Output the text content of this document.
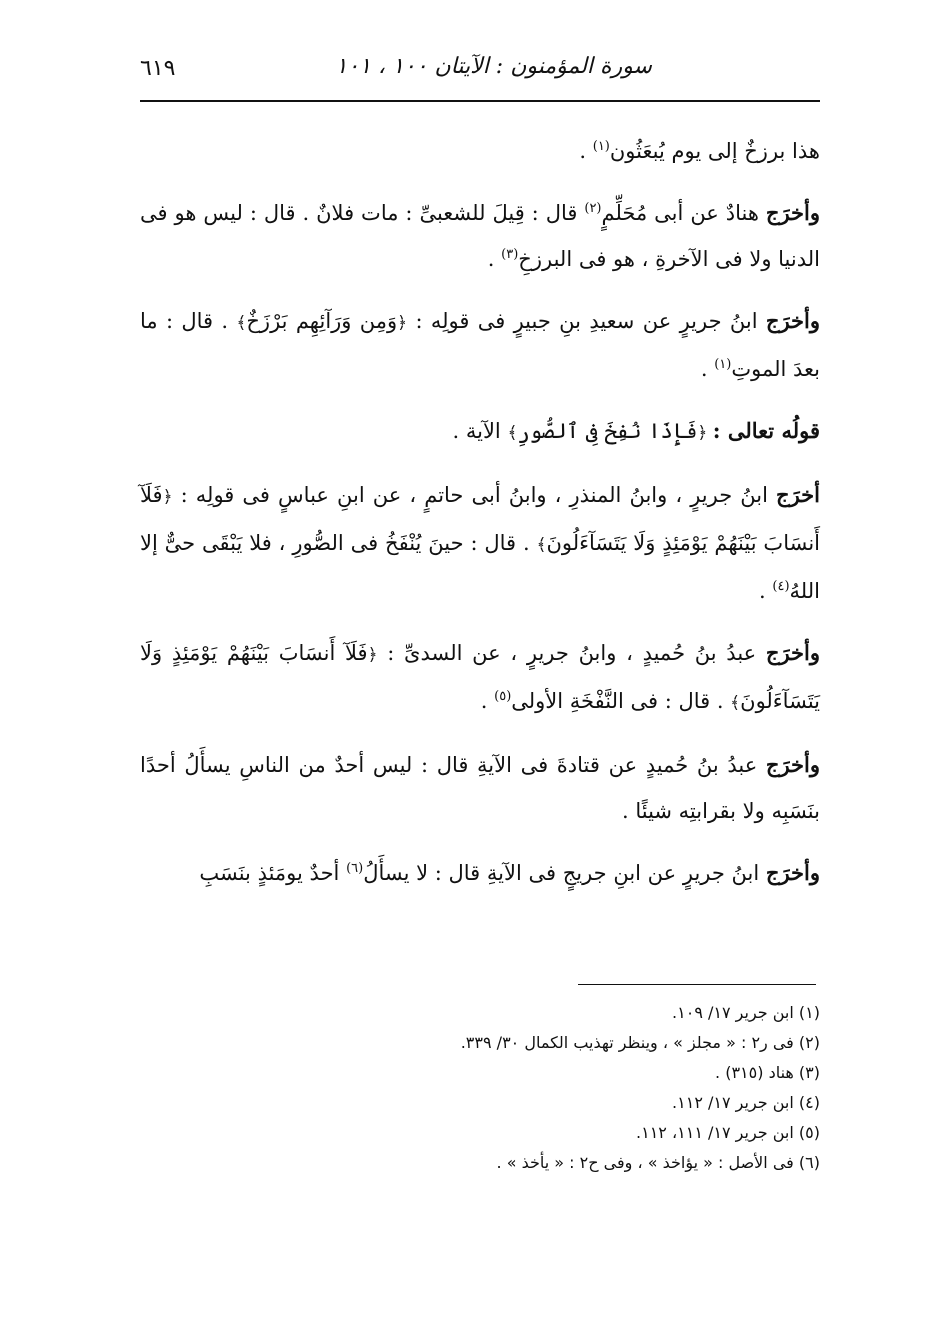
٦١٩	سورة المؤمنون : الآيتان ١٠٠ ، ١٠١

هذا برزخٌ إلى يوم يُبعَثُون$^{(١)}$ .

وأخرَج هنادٌ عن أبى مُحَلِّمٍ$^{(٢)}$ قال : قِيلَ للشعبىِّ : مات فلانٌ . قال : ليس هو فى الدنيا ولا فى الآخرةِ ، هو فى البرزخِ$^{(٣)}$ .

وأخرَج ابنُ جريرٍ عن سعيدِ بنِ جبيرٍ فى قولِه : ﴿وَمِن وَرَآئِهِم بَرْزَخٌ﴾ . قال : ما بعدَ الموتِ$^{(١)}$ .

قولُه تعالى : ﴿فَإِذَا نُفِخَ فِى ٱلصُّورِ﴾ الآية .

أخرَج ابنُ جريرٍ ، وابنُ المنذرِ ، وابنُ أبى حاتمٍ ، عن ابنِ عباسٍ فى قولِه : ﴿فَلَآ أَنسَابَ بَيْنَهُمْ يَوْمَئِذٍ وَلَا يَتَسَآءَلُونَ﴾ . قال : حينَ يُنْفَخُ فى الصُّورِ ، فلا يَبْقَى حىٌّ إلا اللهُ$^{(٤)}$ .

وأخرَج عبدُ بنُ حُميدٍ ، وابنُ جريرٍ ، عن السدىِّ : ﴿فَلَآ أَنسَابَ بَيْنَهُمْ يَوْمَئِذٍ وَلَا يَتَسَآءَلُونَ﴾ . قال : فى النَّفْخَةِ الأولى$^{(٥)}$ .

وأخرَج عبدُ بنُ حُميدٍ عن قتادةَ فى الآيةِ قال : ليس أحدٌ من الناسِ يسأَلُ أحدًا بنَسَبِه ولا بقرابتِه شيئًا .

وأخرَج ابنُ جريرٍ عن ابنِ جريجٍ فى الآيةِ قال : لا يسأَلُ$^{(٦)}$ أحدٌ يومَئذٍ بنَسَبِ

(١) ابن جرير ١٧/ ١٠٩.

(٢) فى ر٢ : « مجلز » ، وينظر تهذيب الكمال ٣٠/ ٣٣٩.

(٣) هناد (٣١٥) .

(٤) ابن جرير ١٧/ ١١٢.

(٥) ابن جرير ١٧/ ١١١، ١١٢.

(٦) فى الأصل : « يؤاخذ » ، وفى ح٢ : « يأخذ » .
